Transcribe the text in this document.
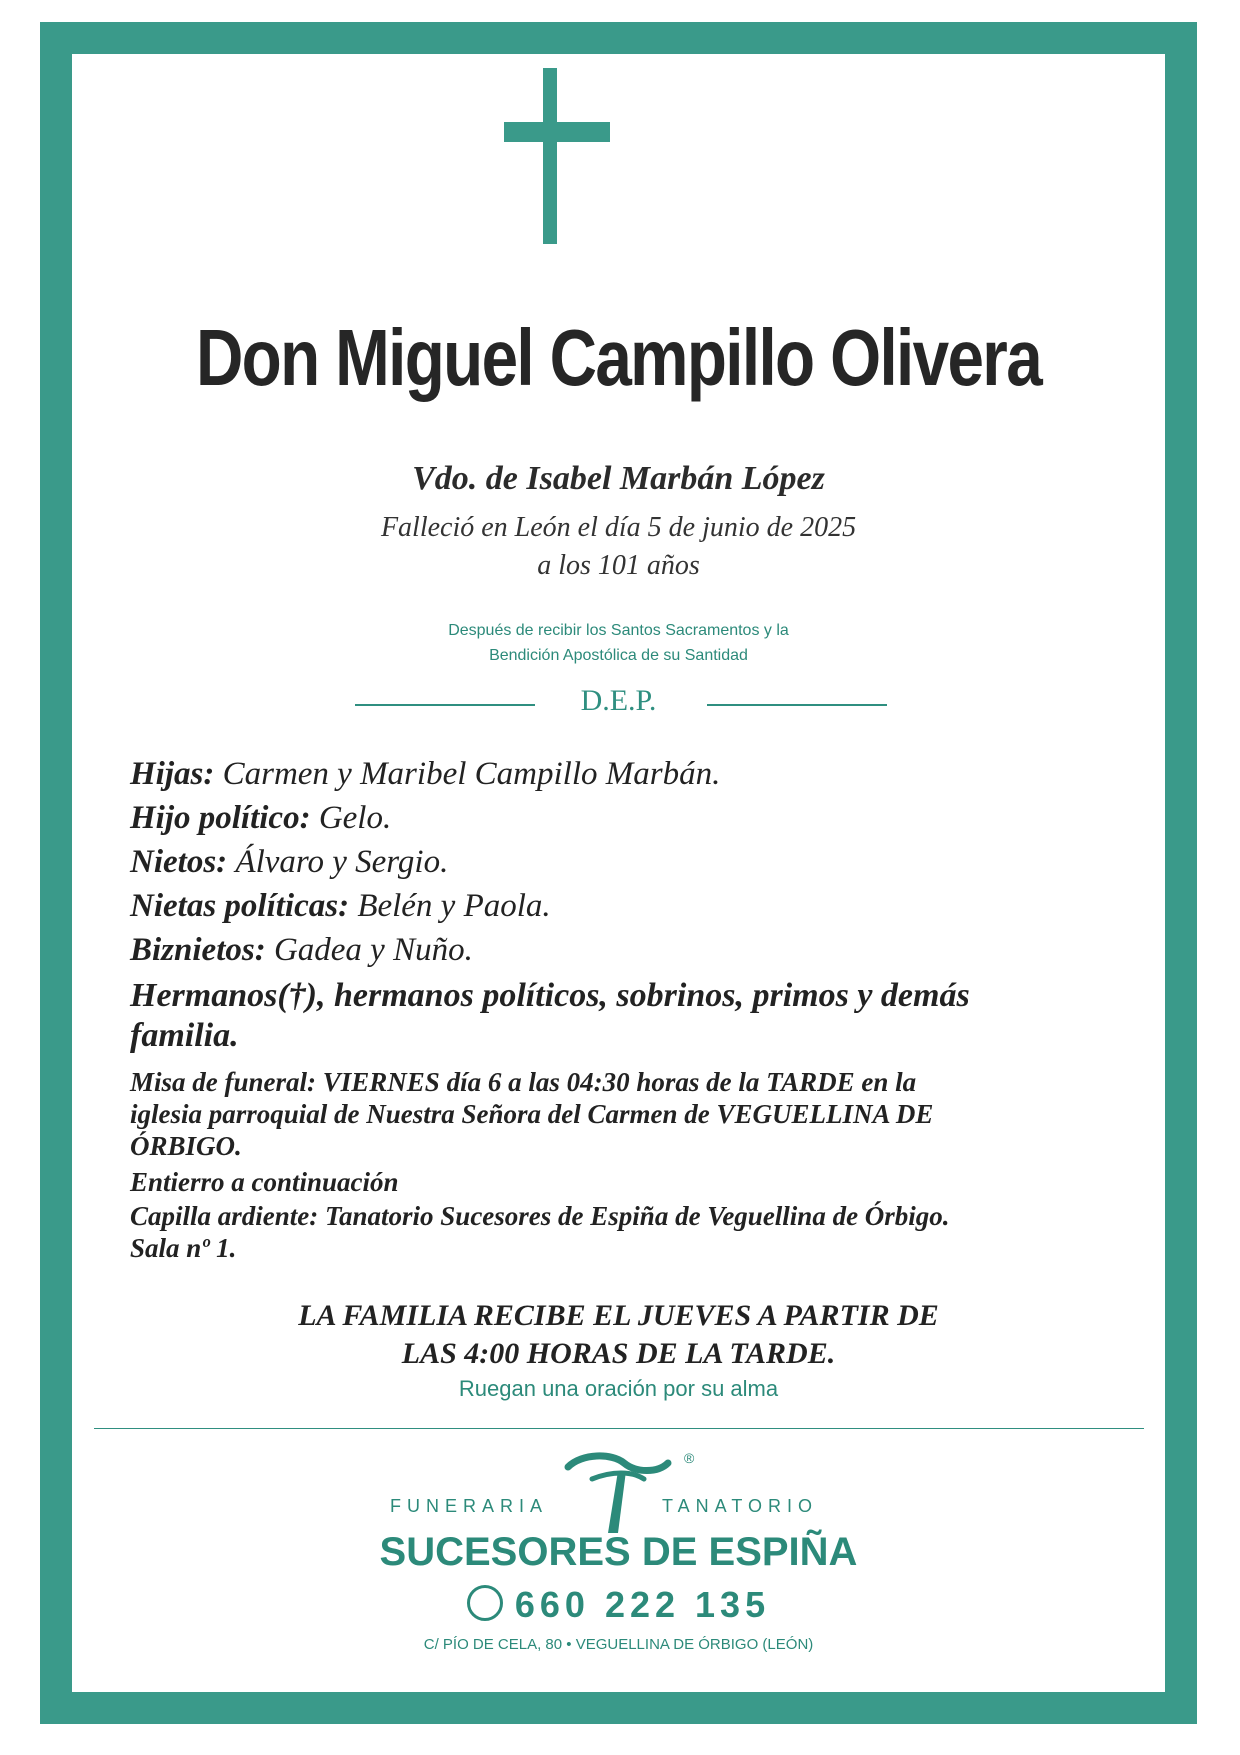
Don Miguel Campillo Olivera
Vdo. de Isabel Marbán López
Falleció en León el día 5 de junio de 2025
a los 101 años
Después de recibir los Santos Sacramentos y la
Bendición Apostólica de su Santidad
D.E.P.
Hijas: Carmen y Maribel Campillo Marbán.
Hijo político: Gelo.
Nietos: Álvaro y Sergio.
Nietas políticas: Belén y Paola.
Biznietos: Gadea y Nuño.
Hermanos(†), hermanos políticos, sobrinos, primos y demás
familia.
Misa de funeral: VIERNES día 6 a las 04:30 horas de la TARDE en la
iglesia parroquial de Nuestra Señora del Carmen de VEGUELLINA DE
ÓRBIGO.
Entierro a continuación
Capilla ardiente: Tanatorio Sucesores de Espiña de Veguellina de Órbigo.
Sala nº 1.
LA FAMILIA RECIBE EL JUEVES A PARTIR DE
LAS 4:00 HORAS DE LA TARDE.
Ruegan una oración por su alma
®
FUNERARIA	TANATORIO
SUCESORES DE ESPIÑA
660 222 135
C/ PÍO DE CELA, 80 • VEGUELLINA DE ÓRBIGO (LEÓN)
